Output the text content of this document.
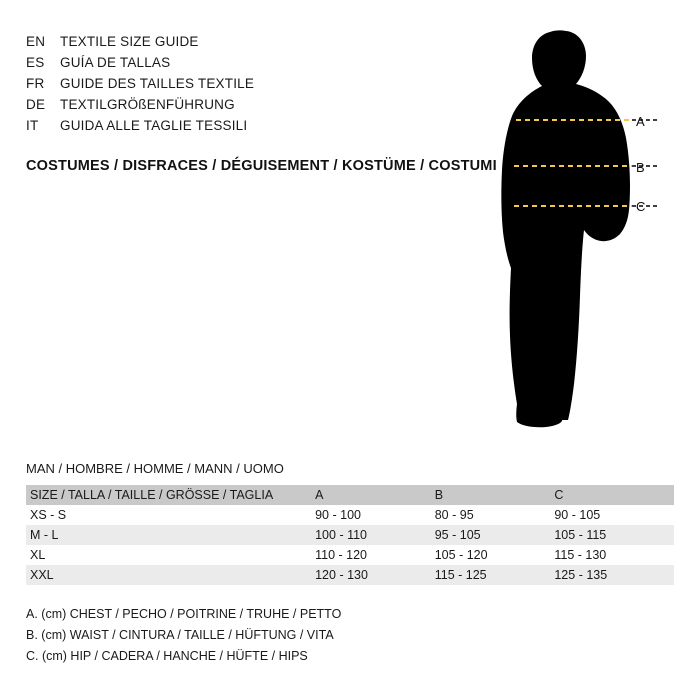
EN	TEXTILE SIZE GUIDE
ES	GUÍA DE TALLAS
FR	GUIDE DES TAILLES TEXTILE
DE	TEXTILGRÖßENFÜHRUNG
IT	GUIDA ALLE TAGLIE TESSILI
COSTUMES / DISFRACES / DÉGUISEMENT / KOSTÜME / COSTUMI
A
B
C
MAN / HOMBRE / HOMME / MANN / UOMO
SIZE / TALLA / TAILLE / GRÖSSE / TAGLIA	A	B	C
XS - S	90 - 100	80 - 95	90 - 105
M - L	100 - 110	95 - 105	105 - 115
XL	110 - 120	105 - 120	115 - 130
XXL	120 - 130	115 - 125	125 - 135
A. (cm) CHEST / PECHO / POITRINE / TRUHE / PETTO
B. (cm) WAIST / CINTURA / TAILLE / HÜFTUNG / VITA
C. (cm) HIP / CADERA / HANCHE / HÜFTE / HIPS
